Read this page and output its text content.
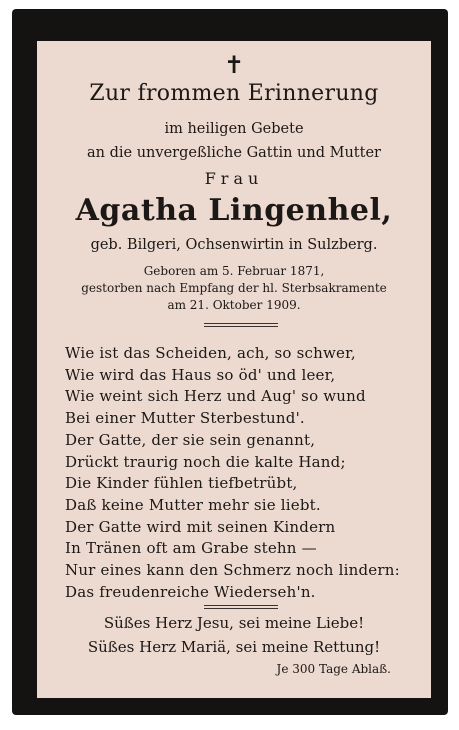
✝
Zur frommen Erinnerung
im heiligen Gebete
an die unvergeßliche Gattin und Mutter
Frau
Agatha Lingenhel,
geb. Bilgeri, Ochsenwirtin in Sulzberg.
Geboren am 5. Februar 1871,
gestorben nach Empfang der hl. Sterbsakramente
am 21. Oktober 1909.
Wie ist das Scheiden, ach, so schwer,
Wie wird das Haus so öd' und leer,
Wie weint sich Herz und Aug' so wund
Bei einer Mutter Sterbestund'.
Der Gatte, der sie sein genannt,
Drückt traurig noch die kalte Hand;
Die Kinder fühlen tiefbetrübt,
Daß keine Mutter mehr sie liebt.
Der Gatte wird mit seinen Kindern
In Tränen oft am Grabe stehn —
Nur eines kann den Schmerz noch lindern:
Das freudenreiche Wiederseh'n.
Süßes Herz Jesu, sei meine Liebe!
Süßes Herz Mariä, sei meine Rettung!
Je 300 Tage Ablaß.
